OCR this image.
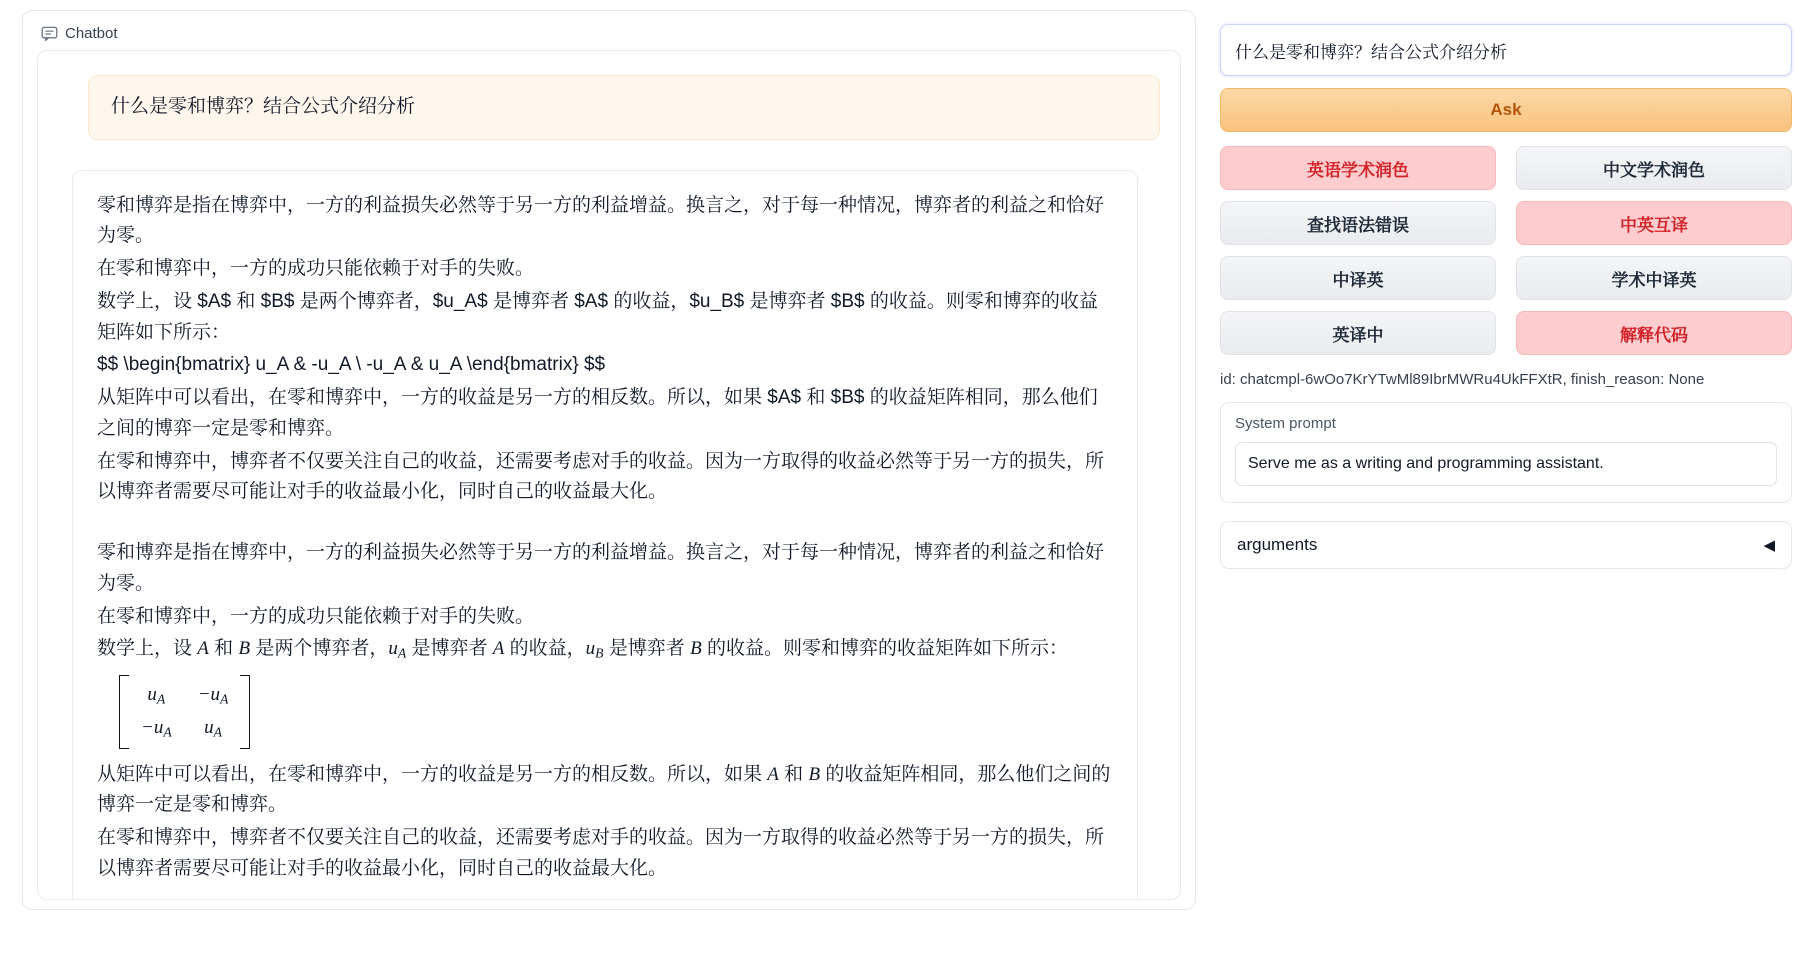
Chatbot
什么是零和博弈？结合公式介绍分析

零和博弈是指在博弈中，一方的利益损失必然等于另一方的利益增益。换言之，对于每一种情况，博弈者的利益之和恰好为零。

在零和博弈中，一方的成功只能依赖于对手的失败。

数学上，设 $A$ 和 $B$ 是两个博弈者，$u_A$ 是博弈者 $A$ 的收益，$u_B$ 是博弈者 $B$ 的收益。则零和博弈的收益矩阵如下所示：

$$ \begin{bmatrix} u_A & -u_A \ -u_A & u_A \end{bmatrix} $$

从矩阵中可以看出，在零和博弈中，一方的收益是另一方的相反数。所以，如果 $A$ 和 $B$ 的收益矩阵相同，那么他们之间的博弈一定是零和博弈。

在零和博弈中，博弈者不仅要关注自己的收益，还需要考虑对手的收益。因为一方取得的收益必然等于另一方的损失，所以博弈者需要尽可能让对手的收益最小化，同时自己的收益最大化。

零和博弈是指在博弈中，一方的利益损失必然等于另一方的利益增益。换言之，对于每一种情况，博弈者的利益之和恰好为零。

在零和博弈中，一方的成功只能依赖于对手的失败。

数学上，设 A 和 B 是两个博弈者，$u_A$ 是博弈者 A 的收益，$u_B$ 是博弈者 B 的收益。则零和博弈的收益矩阵如下所示：

$u_A$	$-u_A$
$-u_A$	$u_A$

从矩阵中可以看出，在零和博弈中，一方的收益是另一方的相反数。所以，如果 A 和 B 的收益矩阵相同，那么他们之间的博弈一定是零和博弈。

在零和博弈中，博弈者不仅要关注自己的收益，还需要考虑对手的收益。因为一方取得的收益必然等于另一方的损失，所以博弈者需要尽可能让对手的收益最小化，同时自己的收益最大化。

什么是零和博弈？结合公式介绍分析 Ask
英语学术润色	中文学术润色
查找语法错误	中英互译
中译英	学术中译英
英译中	解释代码
id: chatcmpl-6wOo7KrYTwMl89IbrMWRu4UkFFXtR, finish_reason: None
System prompt
Serve me as a writing and programming assistant.
arguments	◀
